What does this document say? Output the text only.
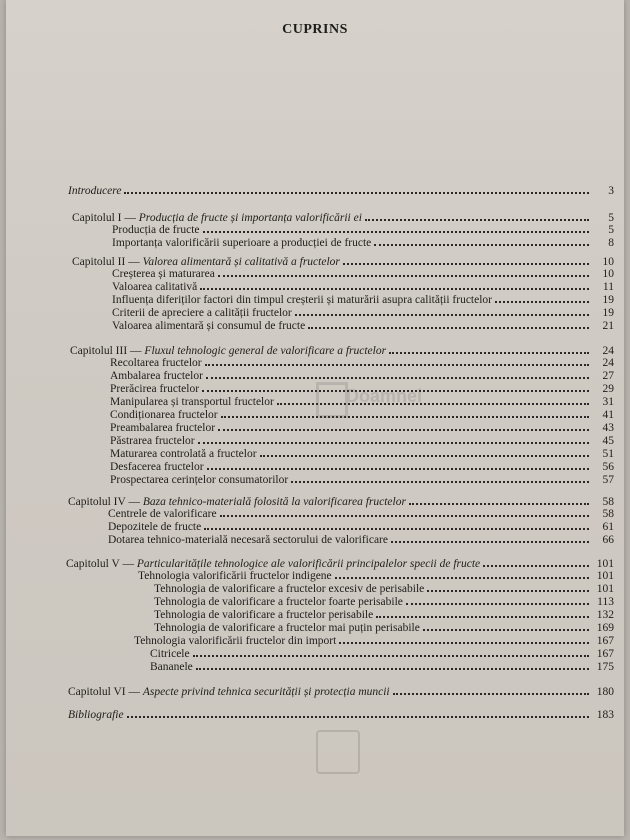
CUPRINS
Introducere	3
Capitolul I — Producția de fructe și importanța valorificării ei	5
Producția de fructe	5
Importanța valorificării superioare a producției de fructe	8
Capitolul II — Valorea alimentară și calitativă a fructelor	10
Creșterea și maturarea	10
Valoarea calitativă	11
Influența diferiților factori din timpul creșterii și maturării asupra calității fructelor	19
Criterii de apreciere a calității fructelor	19
Valoarea alimentară și consumul de fructe	21
Capitolul III — Fluxul tehnologic general de valorificare a fructelor	24
Recoltarea fructelor	24
Ambalarea fructelor	27
Prerăcirea fructelor	29
Manipularea și transportul fructelor	31
Condiționarea fructelor	41
Preambalarea fructelor	43
Păstrarea fructelor	45
Maturarea controlată a fructelor	51
Desfacerea fructelor	56
Prospectarea cerințelor consumatorilor	57
Capitolul IV — Baza tehnico-materială folosită la valorificarea fructelor	58
Centrele de valorificare	58
Depozitele de fructe	61
Dotarea tehnico-materială necesară sectorului de valorificare	66
Capitolul V — Particularitățile tehnologice ale valorificării principalelor specii de fructe	101
Tehnologia valorificării fructelor indigene	101
Tehnologia de valorificare a fructelor excesiv de perisabile	101
Tehnologia de valorificare a fructelor foarte perisabile	113
Tehnologia de valorificare a fructelor perisabile	132
Tehnologia de valorificare a fructelor mai puțin perisabile	169
Tehnologia valorificării fructelor din import	167
Citricele	167
Bananele	175
Capitolul VI — Aspecte privind tehnica securității și protecția muncii	180
Bibliografie	183
Doamnei
